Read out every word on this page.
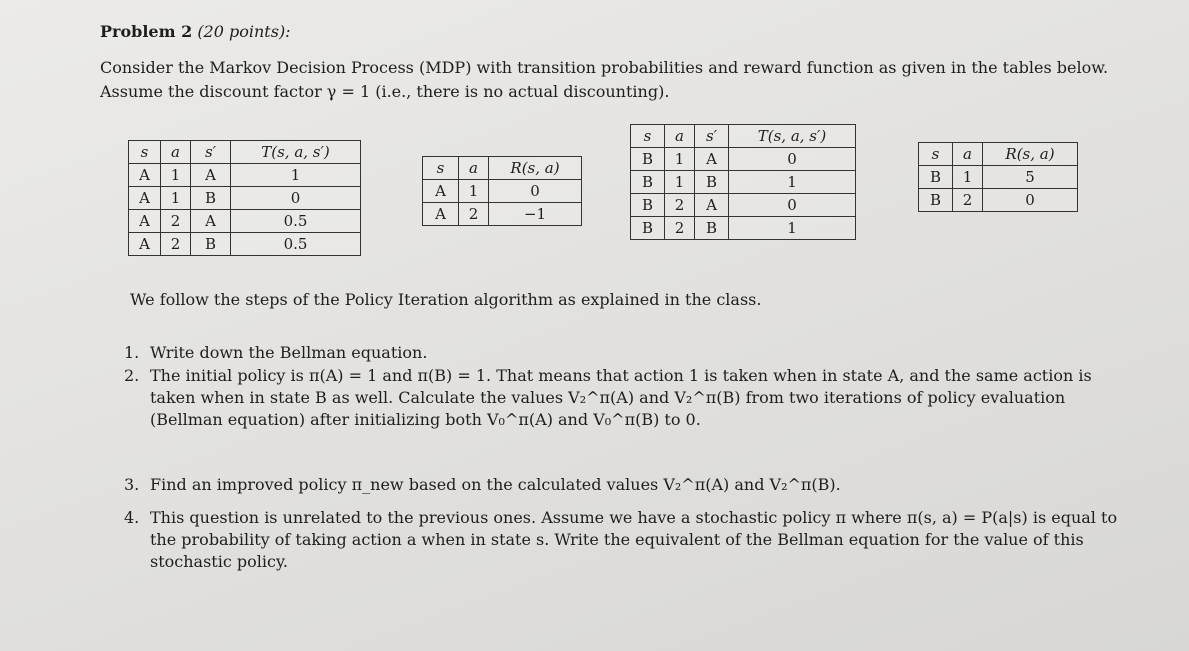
Problem 2 (20 points):
Consider the Markov Decision Process (MDP) with transition probabilities and reward function as given in the tables below.
Assume the discount factor γ = 1 (i.e., there is no actual discounting).
s	a	s′	T(s, a, s′)
A	1	A	1
A	1	B	0
A	2	A	0.5
A	2	B	0.5
s	a	R(s, a)
A	1	0
A	2	−1
s	a	s′	T(s, a, s′)
B	1	A	0
B	1	B	1
B	2	A	0
B	2	B	1
s	a	R(s, a)
B	1	5
B	2	0
We follow the steps of the Policy Iteration algorithm as explained in the class.
1. Write down the Bellman equation.
2. The initial policy is π(A) = 1 and π(B) = 1. That means that action 1 is taken when in state A, and the same action is taken when in state B as well. Calculate the values V₂^π(A) and V₂^π(B) from two iterations of policy evaluation (Bellman equation) after initializing both V₀^π(A) and V₀^π(B) to 0.
3. Find an improved policy π_new based on the calculated values V₂^π(A) and V₂^π(B).
4. This question is unrelated to the previous ones. Assume we have a stochastic policy π where π(s, a) = P(a|s) is equal to the probability of taking action a when in state s. Write the equivalent of the Bellman equation for the value of this stochastic policy.
